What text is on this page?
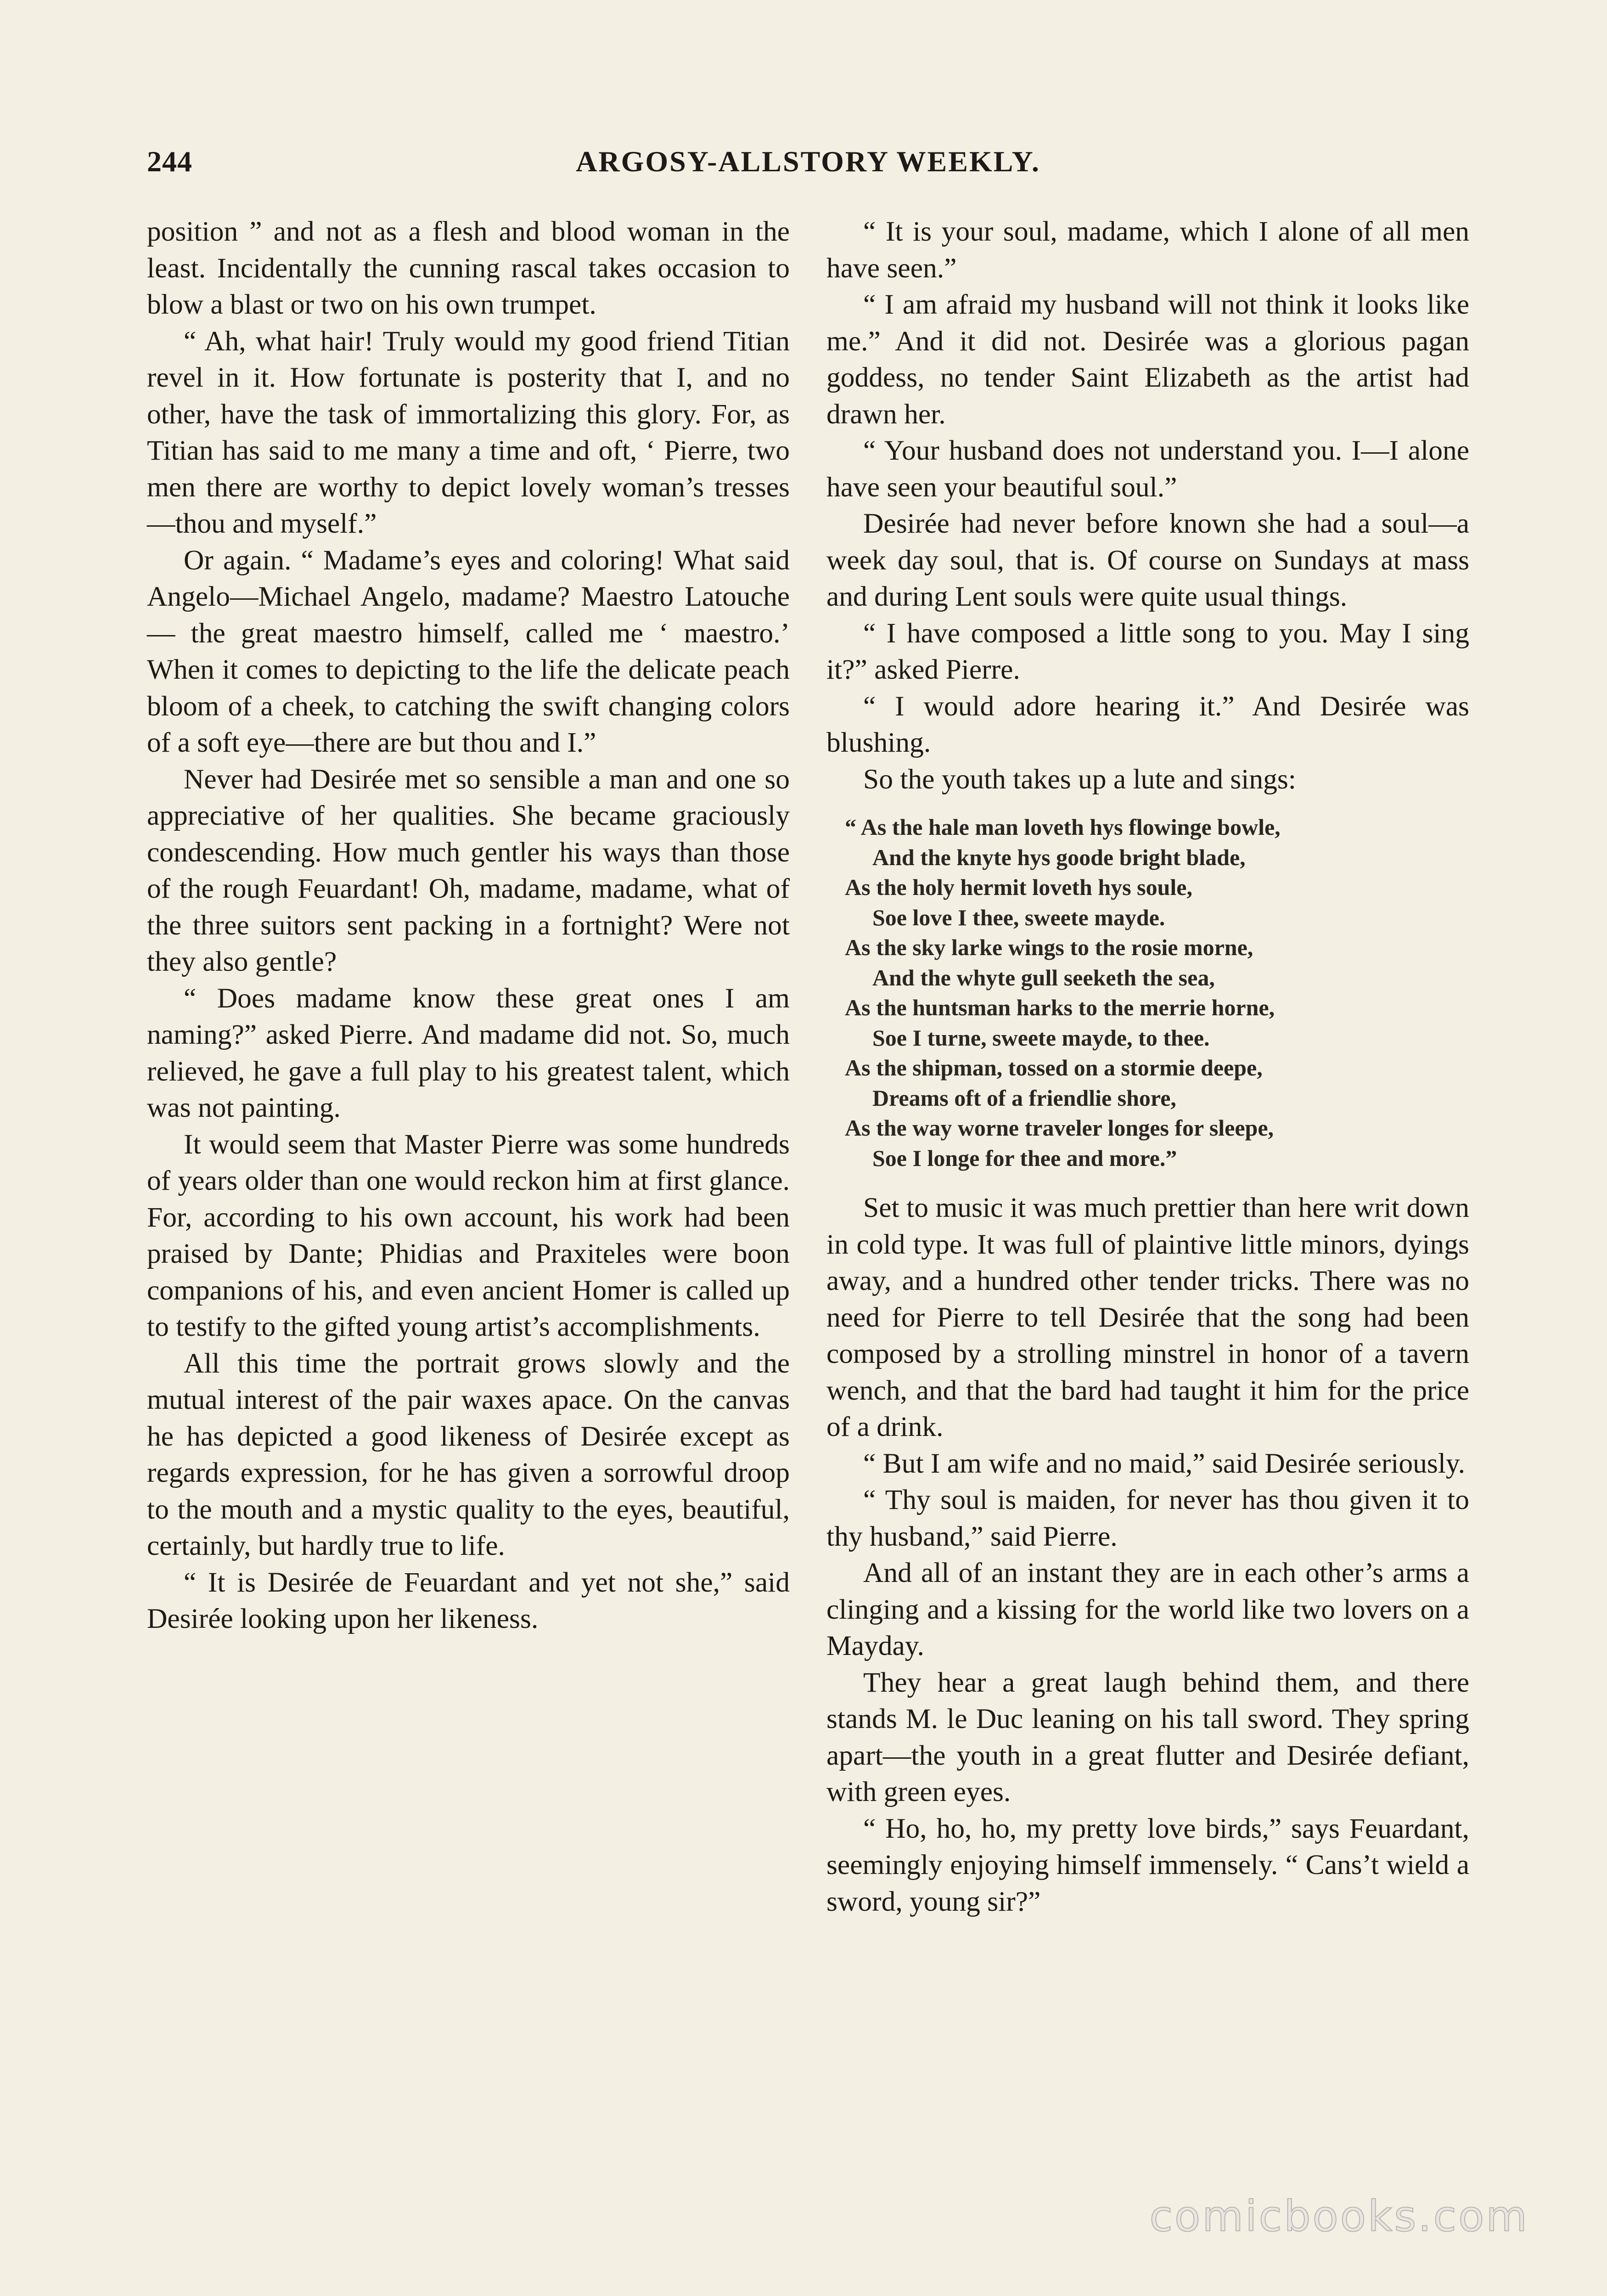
244	ARGOSY-ALLSTORY WEEKLY.

position ” and not as a flesh and blood woman in the least. Incidentally the cunning rascal takes occasion to blow a blast or two on his own trumpet.

“ Ah, what hair! Truly would my good friend Titian revel in it. How fortunate is posterity that I, and no other, have the task of immortalizing this glory. For, as Titian has said to me many a time and oft, ‘ Pierre, two men there are worthy to depict lovely woman’s tresses—thou and myself.”

Or again. “ Madame’s eyes and coloring! What said Angelo—Michael Angelo, madame? Maestro Latouche — the great maestro himself, called me ‘ maestro.’ When it comes to depicting to the life the delicate peach bloom of a cheek, to catching the swift changing colors of a soft eye—there are but thou and I.”

Never had Desirée met so sensible a man and one so appreciative of her qualities. She became graciously condescending. How much gentler his ways than those of the rough Feuardant! Oh, madame, madame, what of the three suitors sent packing in a fortnight? Were not they also gentle?

“ Does madame know these great ones I am naming?” asked Pierre. And madame did not. So, much relieved, he gave a full play to his greatest talent, which was not painting.

It would seem that Master Pierre was some hundreds of years older than one would reckon him at first glance. For, according to his own account, his work had been praised by Dante; Phidias and Praxiteles were boon companions of his, and even ancient Homer is called up to testify to the gifted young artist’s accomplishments.

All this time the portrait grows slowly and the mutual interest of the pair waxes apace. On the canvas he has depicted a good likeness of Desirée except as regards expression, for he has given a sorrowful droop to the mouth and a mystic quality to the eyes, beautiful, certainly, but hardly true to life.

“ It is Desirée de Feuardant and yet not she,” said Desirée looking upon her likeness.

“ It is your soul, madame, which I alone of all men have seen.”

“ I am afraid my husband will not think it looks like me.” And it did not. Desirée was a glorious pagan goddess, no tender Saint Elizabeth as the artist had drawn her.

“ Your husband does not understand you. I—I alone have seen your beautiful soul.”

Desirée had never before known she had a soul—a week day soul, that is. Of course on Sundays at mass and during Lent souls were quite usual things.

“ I have composed a little song to you. May I sing it?” asked Pierre.

“ I would adore hearing it.” And Desirée was blushing.

So the youth takes up a lute and sings:

“ As the hale man loveth hys flowinge bowle,
And the knyte hys goode bright blade,
As the holy hermit loveth hys soule,
Soe love I thee, sweete mayde.
As the sky larke wings to the rosie morne,
And the whyte gull seeketh the sea,
As the huntsman harks to the merrie horne,
Soe I turne, sweete mayde, to thee.
As the shipman, tossed on a stormie deepe,
Dreams oft of a friendlie shore,
As the way worne traveler longes for sleepe,
Soe I longe for thee and more.”

Set to music it was much prettier than here writ down in cold type. It was full of plaintive little minors, dyings away, and a hundred other tender tricks. There was no need for Pierre to tell Desirée that the song had been composed by a strolling minstrel in honor of a tavern wench, and that the bard had taught it him for the price of a drink.

“ But I am wife and no maid,” said Desirée seriously.

“ Thy soul is maiden, for never has thou given it to thy husband,” said Pierre.

And all of an instant they are in each other’s arms a clinging and a kissing for the world like two lovers on a Mayday.

They hear a great laugh behind them, and there stands M. le Duc leaning on his tall sword. They spring apart—the youth in a great flutter and Desirée defiant, with green eyes.

“ Ho, ho, ho, my pretty love birds,” says Feuardant, seemingly enjoying himself immensely. “ Cans’t wield a sword, young sir?”

comicbooks.com
